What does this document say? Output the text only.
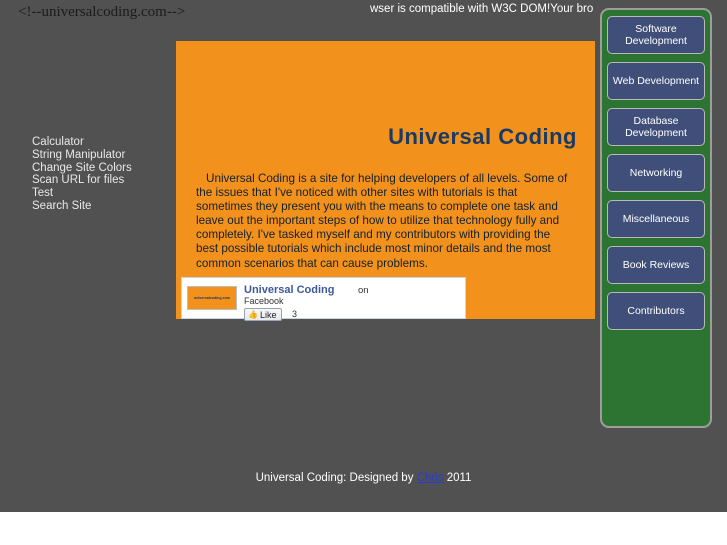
<!--universalcoding.com-->	wser is compatible with W3C DOM!Your bro
Calculator
String Manipulator
Change Site Colors
Scan URL for files
Test
Search Site
Universal Coding
Universal Coding is a site for helping developers of all levels. Some of the issues that I've noticed with other sites with tutorials is that sometimes they present you with the means to complete one task and leave out the important steps of how to utilize that technology fully and completely. I've tasked myself and my contributors with providing the best possible tutorials which include most minor details and the most common scenarios that can cause problems.
universalcoding.com
Universal Coding on
Facebook
👍 Like 3
Software Development
Web Development
Database Development
Networking
Miscellaneous
Book Reviews
Contributors
Universal Coding: Designed by Chris 2011
